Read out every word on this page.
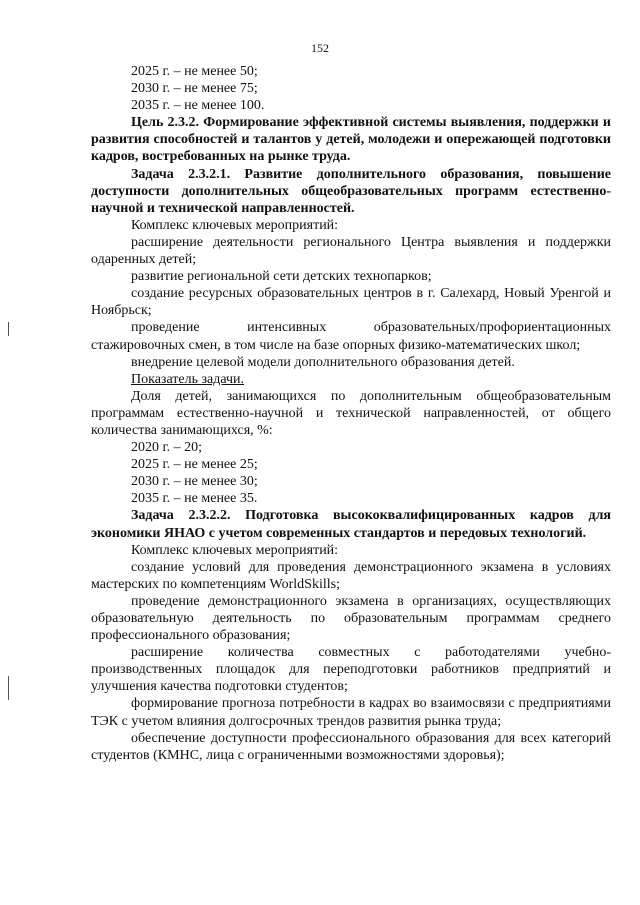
152

2025 г. – не менее 50;

2030 г. – не менее 75;

2035 г. – не менее 100.

Цель 2.3.2. Формирование эффективной системы выявления, поддержки и развития способностей и талантов у детей, молодежи и опережающей подготовки кадров, востребованных на рынке труда.

Задача 2.3.2.1. Развитие дополнительного образования, повышение доступности дополнительных общеобразовательных программ естественно-научной и технической направленностей.

Комплекс ключевых мероприятий:

расширение деятельности регионального Центра выявления и поддержки одаренных детей;

развитие региональной сети детских технопарков;

создание ресурсных образовательных центров в г. Салехард, Новый Уренгой и Ноябрьск;

проведение интенсивных образовательных/профориентационных стажировочных смен, в том числе на базе опорных физико-математических школ;

внедрение целевой модели дополнительного образования детей.

Показатель задачи.

Доля детей, занимающихся по дополнительным общеобразовательным программам естественно-научной и технической направленностей, от общего количества занимающихся, %:

2020 г. – 20;

2025 г. – не менее 25;

2030 г. – не менее 30;

2035 г. – не менее 35.

Задача 2.3.2.2. Подготовка высококвалифицированных кадров для экономики ЯНАО с учетом современных стандартов и передовых технологий.

Комплекс ключевых мероприятий:

создание условий для проведения демонстрационного экзамена в условиях мастерских по компетенциям WorldSkills;

проведение демонстрационного экзамена в организациях, осуществляющих образовательную деятельность по образовательным программам среднего профессионального образования;

расширение количества совместных с работодателями учебно-производственных площадок для переподготовки работников предприятий и улучшения качества подготовки студентов;

формирование прогноза потребности в кадрах во взаимосвязи с предприятиями ТЭК с учетом влияния долгосрочных трендов развития рынка труда;

обеспечение доступности профессионального образования для всех категорий студентов (КМНС, лица с ограниченными возможностями здоровья);
